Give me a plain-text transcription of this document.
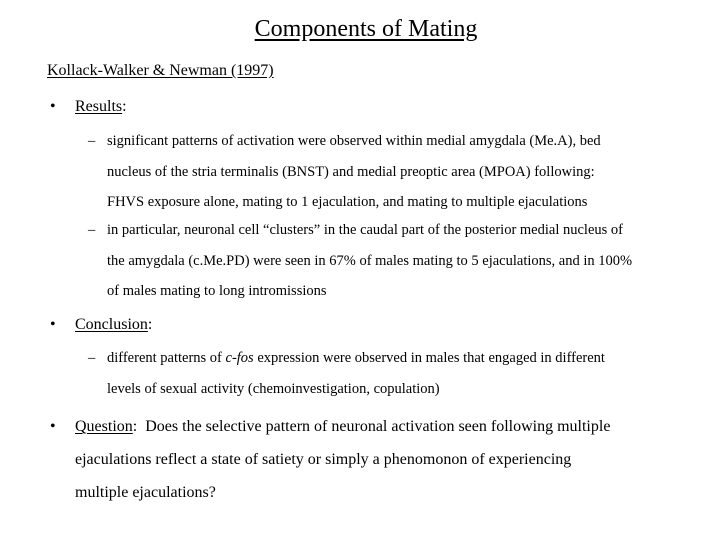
Components of Mating
Kollack-Walker & Newman (1997)
•	Results:
– significant patterns of activation were observed within medial amygdala (Me.A), bed
nucleus of the stria terminalis (BNST) and medial preoptic area (MPOA) following:
FHVS exposure alone, mating to 1 ejaculation, and mating to multiple ejaculations
– in particular, neuronal cell “clusters” in the caudal part of the posterior medial nucleus of
the amygdala (c.Me.PD) were seen in 67% of males mating to 5 ejaculations, and in 100%
of males mating to long intromissions
•	Conclusion:
– different patterns of c-fos expression were observed in males that engaged in different
levels of sexual activity (chemoinvestigation, copulation)
•	Question: Does the selective pattern of neuronal activation seen following multiple
ejaculations reflect a state of satiety or simply a phenomonon of experiencing
multiple ejaculations?
